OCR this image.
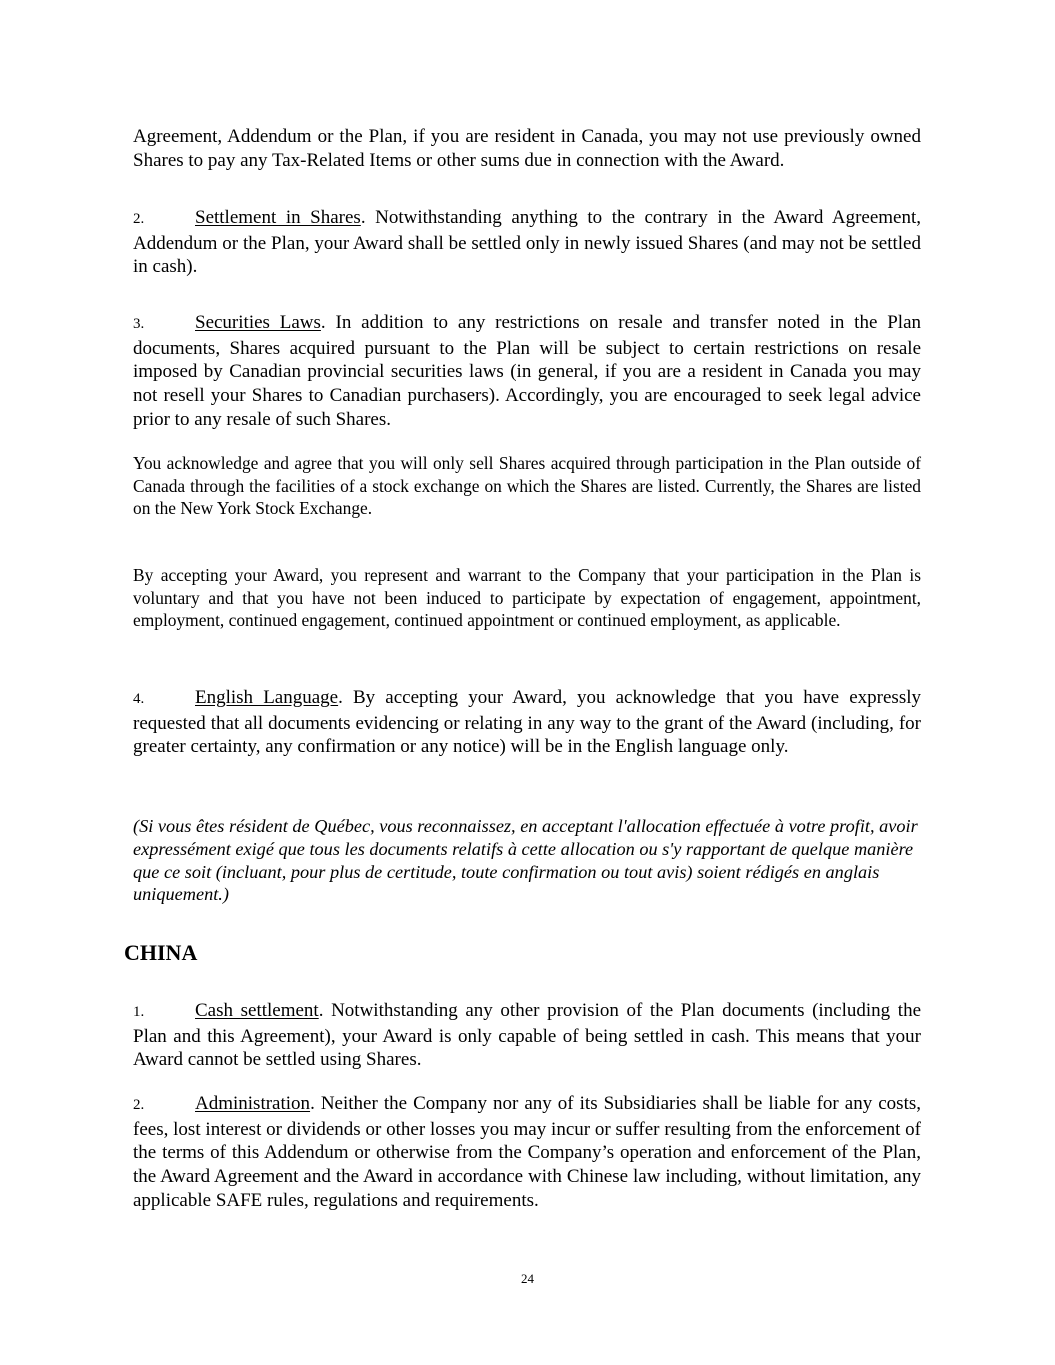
Agreement, Addendum or the Plan, if you are resident in Canada, you may not use previously owned Shares to pay any Tax-Related Items or other sums due in connection with the Award.

2.	Settlement in Shares. Notwithstanding anything to the contrary in the Award Agreement, Addendum or the Plan, your Award shall be settled only in newly issued Shares (and may not be settled in cash).

3.	Securities Laws. In addition to any restrictions on resale and transfer noted in the Plan documents, Shares acquired pursuant to the Plan will be subject to certain restrictions on resale imposed by Canadian provincial securities laws (in general, if you are a resident in Canada you may not resell your Shares to Canadian purchasers). Accordingly, you are encouraged to seek legal advice prior to any resale of such Shares.

You acknowledge and agree that you will only sell Shares acquired through participation in the Plan outside of Canada through the facilities of a stock exchange on which the Shares are listed. Currently, the Shares are listed on the New York Stock Exchange.

By accepting your Award, you represent and warrant to the Company that your participation in the Plan is voluntary and that you have not been induced to participate by expectation of engagement, appointment, employment, continued engagement, continued appointment or continued employment, as applicable.

4.	English Language. By accepting your Award, you acknowledge that you have expressly requested that all documents evidencing or relating in any way to the grant of the Award (including, for greater certainty, any confirmation or any notice) will be in the English language only.

(Si vous êtes résident de Québec, vous reconnaissez, en acceptant l'allocation effectuée à votre profit, avoir expressément exigé que tous les documents relatifs à cette allocation ou s'y rapportant de quelque manière que ce soit (incluant, pour plus de certitude, toute confirmation ou tout avis) soient rédigés en anglais uniquement.)

CHINA

1.	Cash settlement. Notwithstanding any other provision of the Plan documents (including the Plan and this Agreement), your Award is only capable of being settled in cash. This means that your Award cannot be settled using Shares.

2.	Administration. Neither the Company nor any of its Subsidiaries shall be liable for any costs, fees, lost interest or dividends or other losses you may incur or suffer resulting from the enforcement of the terms of this Addendum or otherwise from the Company’s operation and enforcement of the Plan, the Award Agreement and the Award in accordance with Chinese law including, without limitation, any applicable SAFE rules, regulations and requirements.

24
